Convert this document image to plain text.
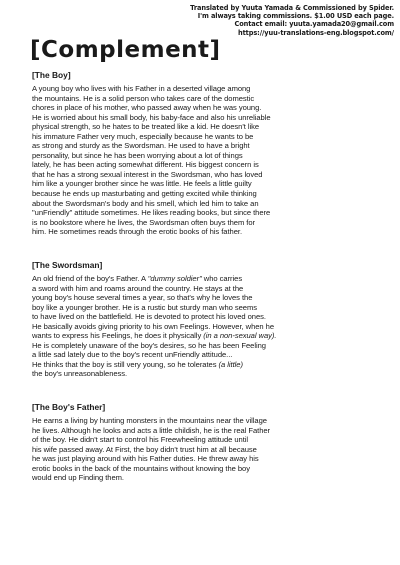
Translated by Yuuta Yamada & Commissioned by Spider.
I'm always taking commissions. $1.00 USD each page.
Contact email: yuuta.yamada20@gmail.com
https://yuu-translations-eng.blogspot.com/
[Complement]
[The Boy]

A young boy who lives with his Father in a deserted village among

the mountains. He is a solid person who takes care of the domestic

chores in place of his mother, who passed away when he was young.

He is worried about his small body, his baby-face and also his unreliable

physical strength, so he hates to be treated like a kid. He doesn't like

his immature Father very much, especially because he wants to be

as strong and sturdy as the Swordsman. He used to have a bright

personality, but since he has been worrying about a lot of things

lately, he has been acting somewhat different. His biggest concern is

that he has a strong sexual interest in the Swordsman, who has loved

him like a younger brother since he was little. He feels a little guilty

because he ends up masturbating and getting excited while thinking

about the Swordsman's body and his smell, which led him to take an

"unFriendly" attitude sometimes. He likes reading books, but since there

is no bookstore where he lives, the Swordsman often buys them for

him. He sometimes reads through the erotic books of his father.

[The Swordsman]

An old friend of the boy's Father. A "dummy soldier" who carries

a sword with him and roams around the country. He stays at the

young boy's house several times a year, so that's why he loves the

boy like a younger brother. He is a rustic but sturdy man who seems

to have lived on the battlefield. He is devoted to protect his loved ones.

He basically avoids giving priority to his own Feelings. However, when he

wants to express his Feelings, he does it physically (in a non-sexual way).

He is completely unaware of the boy's desires, so he has been Feeling

a little sad lately due to the boy's recent unFriendly attitude...

He thinks that the boy is still very young, so he tolerates (a little)

the boy's unreasonableness.

[The Boy's Father]

He earns a living by hunting monsters in the mountains near the village

he lives. Although he looks and acts a little childish, he is the real Father

of the boy. He didn't start to control his Freewheeling attitude until

his wife passed away. At First, the boy didn't trust him at all because

he was just playing around with his Father duties. He threw away his

erotic books in the back of the mountains without knowing the boy

would end up Finding them.
